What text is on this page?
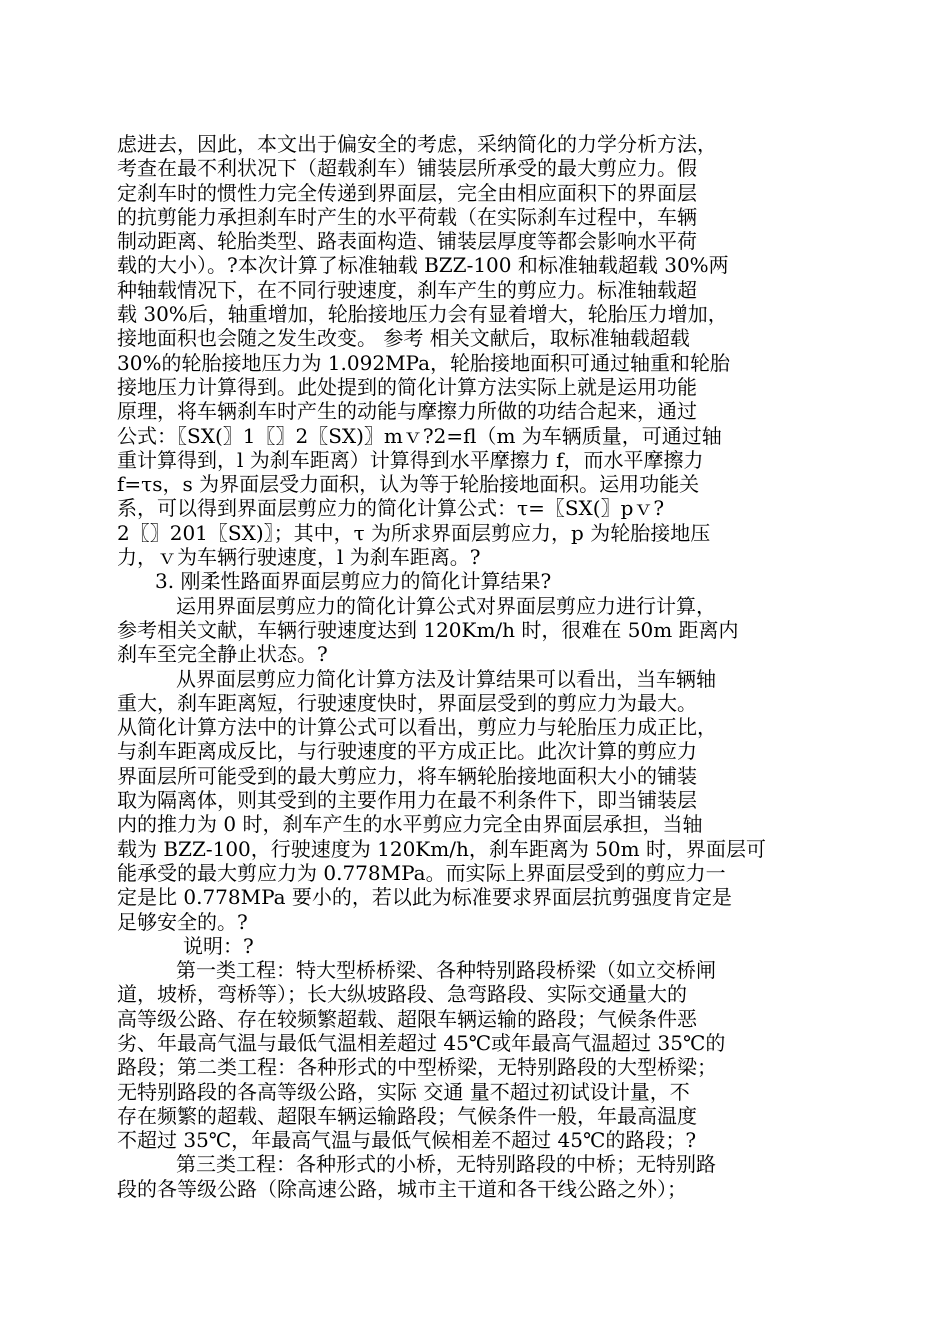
虑进去，因此，本文出于偏安全的考虑，采纳简化的力学分析方法，
考查在最不利状况下（超载刹车）铺装层所承受的最大剪应力。假
定刹车时的惯性力完全传递到界面层，完全由相应面积下的界面层
的抗剪能力承担刹车时产生的水平荷载（在实际刹车过程中，车辆
制动距离、轮胎类型、路表面构造、铺装层厚度等都会影响水平荷
载的大小）。?本次计算了标准轴载 BZZ-100 和标准轴载超载 30%两
种轴载情况下，在不同行驶速度，刹车产生的剪应力。标准轴载超
载 30%后，轴重增加，轮胎接地压力会有显着增大，轮胎压力增加，
接地面积也会随之发生改变。 参考 相关文献后，取标准轴载超载
30%的轮胎接地压力为 1.092MPa，轮胎接地面积可通过轴重和轮胎
接地压力计算得到。此处提到的简化计算方法实际上就是运用功能
原理，将车辆刹车时产生的动能与摩擦力所做的功结合起来，通过
公式：〖SX(〗1〖〗2〖SX)〗mｖ?2=fl（m 为车辆质量，可通过轴
重计算得到，l 为刹车距离）计算得到水平摩擦力 f，而水平摩擦力
f=τs，s 为界面层受力面积，认为等于轮胎接地面积。运用功能关
系，可以得到界面层剪应力的简化计算公式：τ=〖SX(〗pｖ?
2〖〗201〖SX)〗；其中，τ 为所求界面层剪应力，p 为轮胎接地压
力，ｖ为车辆行驶速度，l 为刹车距离。?
3. 刚柔性路面界面层剪应力的简化计算结果?
运用界面层剪应力的简化计算公式对界面层剪应力进行计算，
参考相关文献，车辆行驶速度达到 120Km/h 时，很难在 50m 距离内
刹车至完全静止状态。?
从界面层剪应力简化计算方法及计算结果可以看出，当车辆轴
重大，刹车距离短，行驶速度快时，界面层受到的剪应力为最大。
从简化计算方法中的计算公式可以看出，剪应力与轮胎压力成正比，
与刹车距离成反比，与行驶速度的平方成正比。此次计算的剪应力
界面层所可能受到的最大剪应力，将车辆轮胎接地面积大小的铺装
取为隔离体，则其受到的主要作用力在最不利条件下，即当铺装层
内的推力为 0 时，刹车产生的水平剪应力完全由界面层承担，当轴
载为 BZZ-100，行驶速度为 120Km/h，刹车距离为 50m 时，界面层可
能承受的最大剪应力为 0.778MPa。而实际上界面层受到的剪应力一
定是比 0.778MPa 要小的，若以此为标准要求界面层抗剪强度肯定是
足够安全的。?
说明：?
第一类工程：特大型桥桥梁、各种特别路段桥梁（如立交桥闸
道，坡桥，弯桥等）；长大纵坡路段、急弯路段、实际交通量大的
高等级公路、存在较频繁超载、超限车辆运输的路段；气候条件恶
劣、年最高气温与最低气温相差超过 45℃或年最高气温超过 35℃的
路段；第二类工程：各种形式的中型桥梁，无特别路段的大型桥梁；
无特别路段的各高等级公路，实际 交通 量不超过初试设计量，不
存在频繁的超载、超限车辆运输路段；气候条件一般，年最高温度
不超过 35℃，年最高气温与最低气候相差不超过 45℃的路段；?
第三类工程：各种形式的小桥，无特别路段的中桥；无特别路
段的各等级公路（除高速公路，城市主干道和各干线公路之外）；
